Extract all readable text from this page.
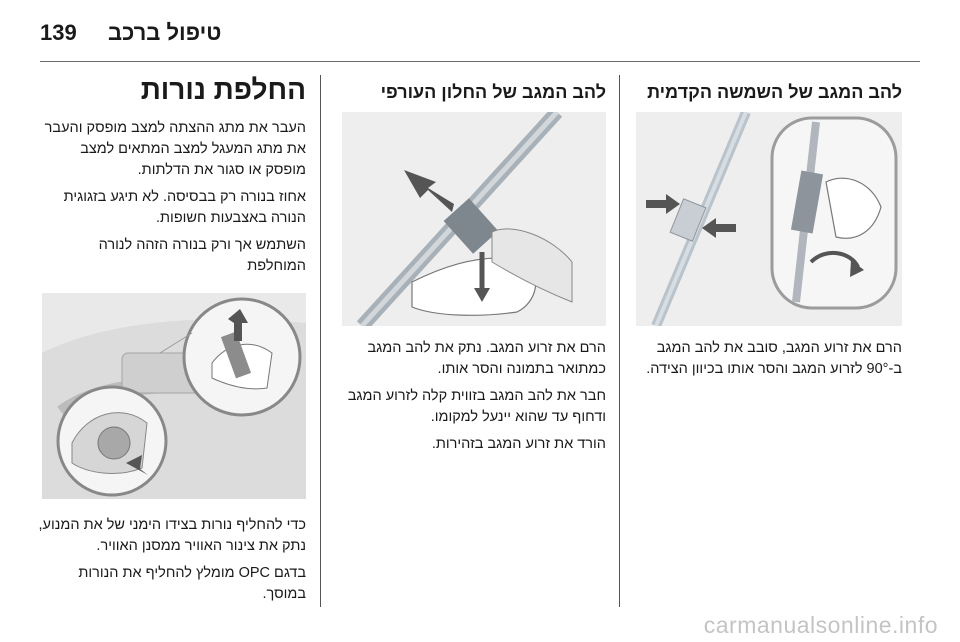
139 טיפול ברכב
להב המגב של השמשה הקדמית

הרם את זרוע המגב, סובב את להב המגב ב-90° לזרוע המגב והסר אותו בכיוון הצידה.

להב המגב של החלון העורפי

הרם את זרוע המגב. נתק את להב המגב כמתואר בתמונה והסר אותו.

חבר את להב המגב בזווית קלה לזרוע המגב ודחוף עד שהוא יינעל למקומו.

הורד את זרוע המגב בזהירות.

החלפת נורות

העבר את מתג ההצתה למצב מופסק והעבר את מתג המעגל למצב המתאים למצב מופסק או סגור את הדלתות.

אחוז בנורה רק בבסיסה. לא תיגע בזגוגית הנורה באצבעות חשופות.

השתמש אך ורק בנורה הזהה לנורה המוחלפת

כדי להחליף נורות בצידו הימני של את המנוע, נתק את צינור האוויר ממסנן האוויר.

בדגם OPC מומלץ להחליף את הנורות במוסך.

carmanualsonline.info
